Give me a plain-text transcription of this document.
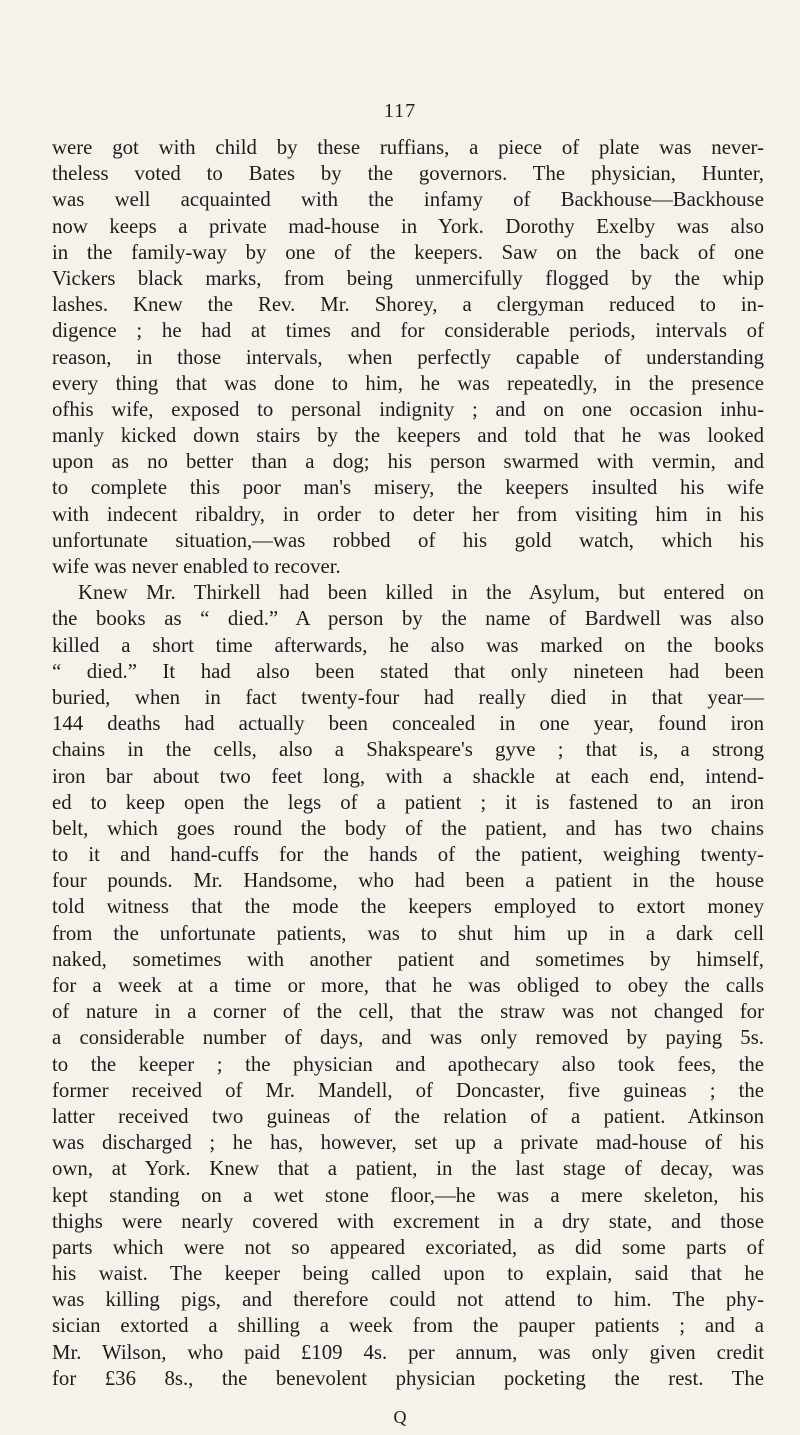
117
were got with child by these ruffians, a piece of plate was never-
theless voted to Bates by the governors. The physician, Hunter,
was well acquainted with the infamy of Backhouse—Backhouse
now keeps a private mad-house in York. Dorothy Exelby was also
in the family-way by one of the keepers. Saw on the back of one
Vickers black marks, from being unmercifully flogged by the whip
lashes. Knew the Rev. Mr. Shorey, a clergyman reduced to in-
digence ; he had at times and for considerable periods, intervals of
reason, in those intervals, when perfectly capable of understanding
every thing that was done to him, he was repeatedly, in the presence
ofhis wife, exposed to personal indignity ; and on one occasion inhu-
manly kicked down stairs by the keepers and told that he was looked
upon as no better than a dog; his person swarmed with vermin, and
to complete this poor man's misery, the keepers insulted his wife
with indecent ribaldry, in order to deter her from visiting him in his
unfortunate situation,—was robbed of his gold watch, which his
wife was never enabled to recover.
Knew Mr. Thirkell had been killed in the Asylum, but entered on
the books as “ died.” A person by the name of Bardwell was also
killed a short time afterwards, he also was marked on the books
“ died.” It had also been stated that only nineteen had been
buried, when in fact twenty-four had really died in that year—
144 deaths had actually been concealed in one year, found iron
chains in the cells, also a Shakspeare's gyve ; that is, a strong
iron bar about two feet long, with a shackle at each end, intend-
ed to keep open the legs of a patient ; it is fastened to an iron
belt, which goes round the body of the patient, and has two chains
to it and hand-cuffs for the hands of the patient, weighing twenty-
four pounds. Mr. Handsome, who had been a patient in the house
told witness that the mode the keepers employed to extort money
from the unfortunate patients, was to shut him up in a dark cell
naked, sometimes with another patient and sometimes by himself,
for a week at a time or more, that he was obliged to obey the calls
of nature in a corner of the cell, that the straw was not changed for
a considerable number of days, and was only removed by paying 5s.
to the keeper ; the physician and apothecary also took fees, the
former received of Mr. Mandell, of Doncaster, five guineas ; the
latter received two guineas of the relation of a patient. Atkinson
was discharged ; he has, however, set up a private mad-house of his
own, at York. Knew that a patient, in the last stage of decay, was
kept standing on a wet stone floor,—he was a mere skeleton, his
thighs were nearly covered with excrement in a dry state, and those
parts which were not so appeared excoriated, as did some parts of
his waist. The keeper being called upon to explain, said that he
was killing pigs, and therefore could not attend to him. The phy-
sician extorted a shilling a week from the pauper patients ; and a
Mr. Wilson, who paid £109 4s. per annum, was only given credit
for £36 8s., the benevolent physician pocketing the rest. The
Q
